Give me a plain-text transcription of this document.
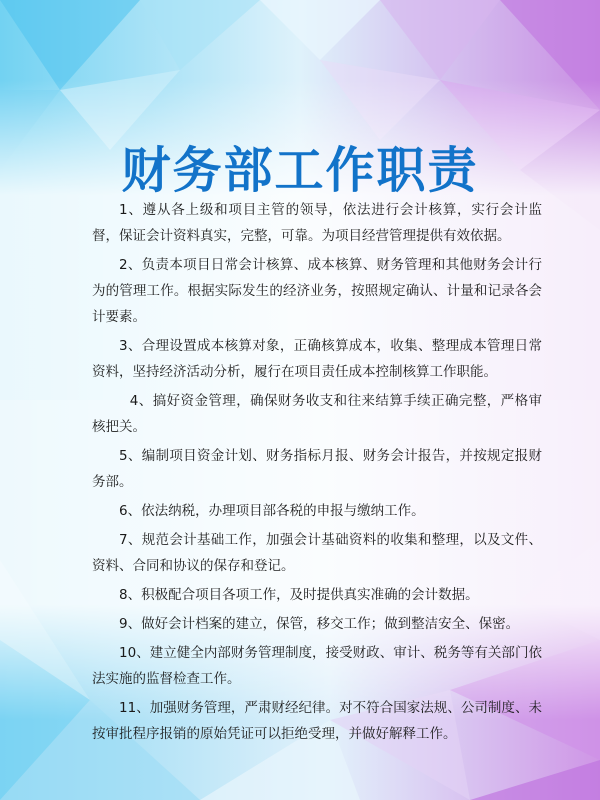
财务部工作职责
1、遵从各上级和项目主管的领导，依法进行会计核算，实行会计监督，保证会计资料真实，完整，可靠。为项目经营管理提供有效依据。
2、负责本项目日常会计核算、成本核算、财务管理和其他财务会计行为的管理工作。根据实际发生的经济业务，按照规定确认、计量和记录各会计要素。
3、合理设置成本核算对象，正确核算成本，收集、整理成本管理日常资料，坚持经济活动分析，履行在项目责任成本控制核算工作职能。
4、搞好资金管理，确保财务收支和往来结算手续正确完整，严格审核把关。
5、编制项目资金计划、财务指标月报、财务会计报告，并按规定报财务部。
6、依法纳税，办理项目部各税的申报与缴纳工作。
7、规范会计基础工作，加强会计基础资料的收集和整理，以及文件、资料、合同和协议的保存和登记。
8、积极配合项目各项工作，及时提供真实准确的会计数据。
9、做好会计档案的建立，保管，移交工作；做到整洁安全、保密。
10、建立健全内部财务管理制度，接受财政、审计、税务等有关部门依法实施的监督检查工作。
11、加强财务管理，严肃财经纪律。对不符合国家法规、公司制度、未按审批程序报销的原始凭证可以拒绝受理，并做好解释工作。
